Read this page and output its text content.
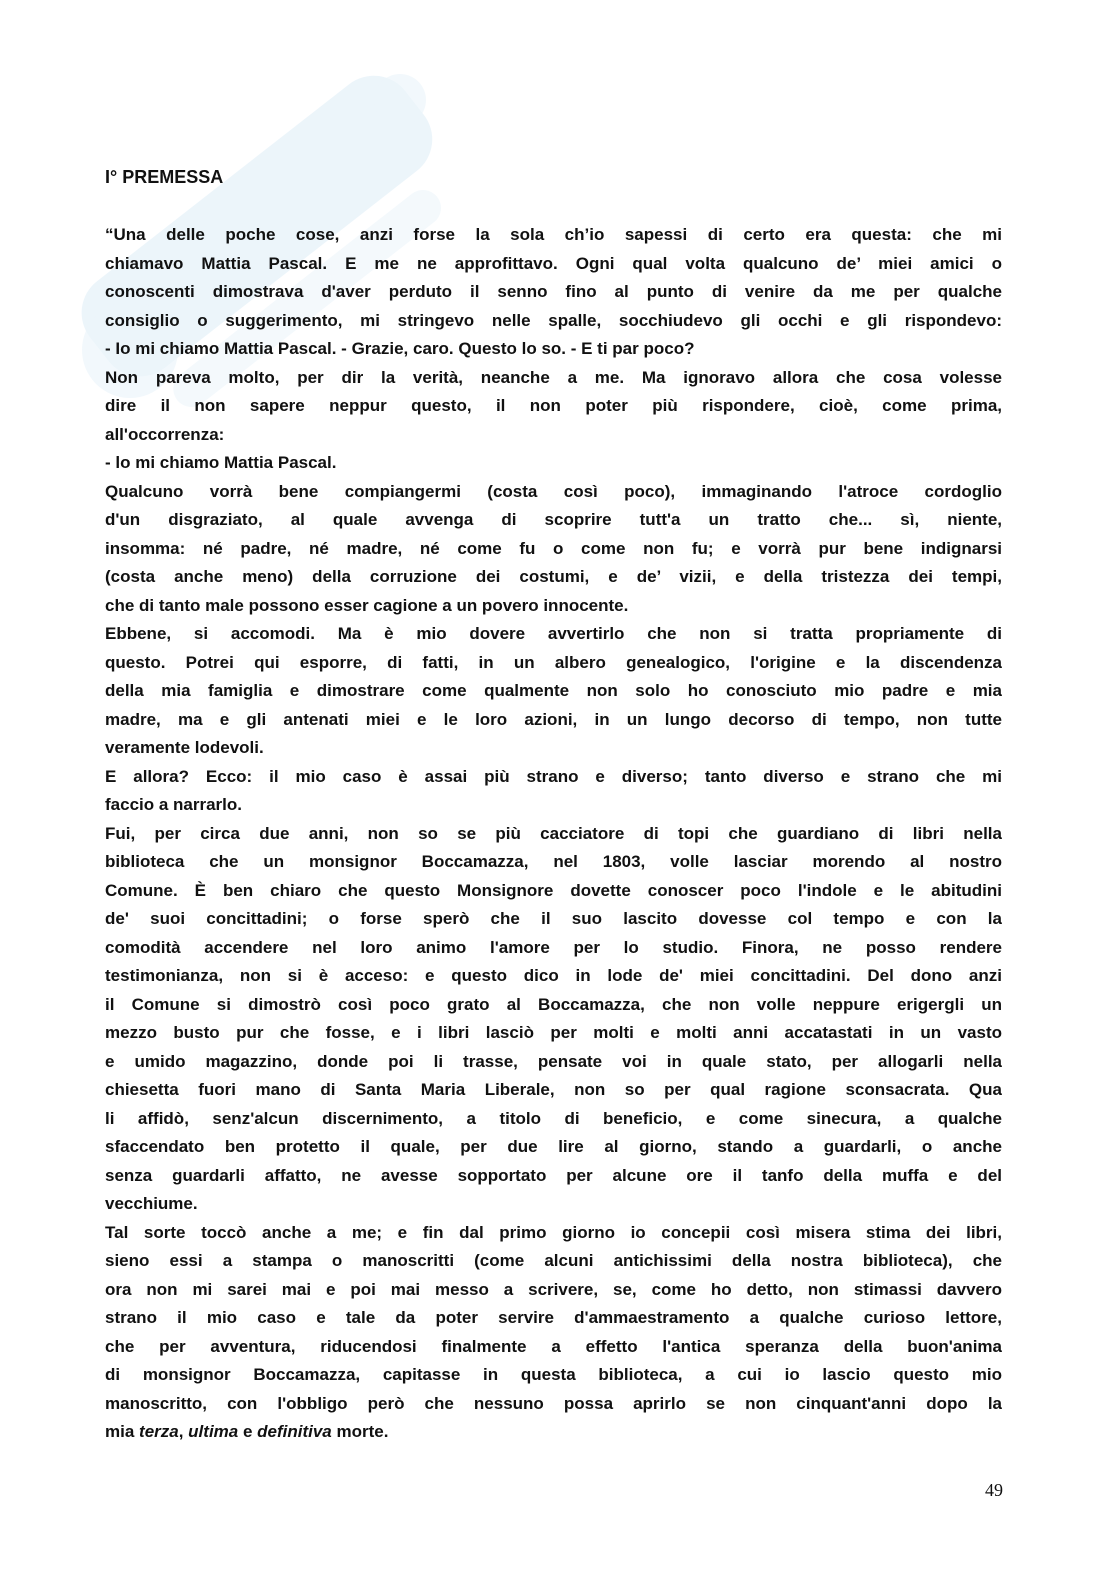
I° PREMESSA
“Una delle poche cose, anzi forse la sola ch’io sapessi di certo era questa: che mi
chiamavo Mattia Pascal. E me ne approfittavo. Ogni qual volta qualcuno de’ miei amici o
conoscenti dimostrava d'aver perduto il senno fino al punto di venire da me per qualche
consiglio o suggerimento, mi stringevo nelle spalle, socchiudevo gli occhi e gli rispondevo:
- Io mi chiamo Mattia Pascal. - Grazie, caro. Questo lo so. - E ti par poco?
Non pareva molto, per dir la verità, neanche a me. Ma ignoravo allora che cosa volesse
dire il non sapere neppur questo, il non poter più rispondere, cioè, come prima,
all'occorrenza:
- lo mi chiamo Mattia Pascal.
Qualcuno vorrà bene compiangermi (costa così poco), immaginando l'atroce cordoglio
d'un disgraziato, al quale avvenga di scoprire tutt'a un tratto che... sì, niente,
insomma: né padre, né madre, né come fu o come non fu; e vorrà pur bene indignarsi
(costa anche meno) della corruzione dei costumi, e de’ vizii, e della tristezza dei tempi,
che di tanto male possono esser cagione a un povero innocente.
Ebbene, si accomodi. Ma è mio dovere avvertirlo che non si tratta propriamente di
questo. Potrei qui esporre, di fatti, in un albero genealogico, l'origine e la discendenza
della mia famiglia e dimostrare come qualmente non solo ho conosciuto mio padre e mia
madre, ma e gli antenati miei e le loro azioni, in un lungo decorso di tempo, non tutte
veramente lodevoli.
E allora? Ecco: il mio caso è assai più strano e diverso; tanto diverso e strano che mi
faccio a narrarlo.
Fui, per circa due anni, non so se più cacciatore di topi che guardiano di libri nella
biblioteca che un monsignor Boccamazza, nel 1803, volle lasciar morendo al nostro
Comune. È ben chiaro che questo Monsignore dovette conoscer poco l'indole e le abitudini
de' suoi concittadini; o forse sperò che il suo lascito dovesse col tempo e con la
comodità accendere nel loro animo l'amore per lo studio. Finora, ne posso rendere
testimonianza, non si è acceso: e questo dico in lode de' miei concittadini. Del dono anzi
il Comune si dimostrò così poco grato al Boccamazza, che non volle neppure erigergli un
mezzo busto pur che fosse, e i libri lasciò per molti e molti anni accatastati in un vasto
e umido magazzino, donde poi li trasse, pensate voi in quale stato, per allogarli nella
chiesetta fuori mano di Santa Maria Liberale, non so per qual ragione sconsacrata. Qua
li affidò, senz'alcun discernimento, a titolo di beneficio, e come sinecura, a qualche
sfaccendato ben protetto il quale, per due lire al giorno, stando a guardarli, o anche
senza guardarli affatto, ne avesse sopportato per alcune ore il tanfo della muffa e del
vecchiume.
Tal sorte toccò anche a me; e fin dal primo giorno io concepii così misera stima dei libri,
sieno essi a stampa o manoscritti (come alcuni antichissimi della nostra biblioteca), che
ora non mi sarei mai e poi mai messo a scrivere, se, come ho detto, non stimassi davvero
strano il mio caso e tale da poter servire d'ammaestramento a qualche curioso lettore,
che per avventura, riducendosi finalmente a effetto l'antica speranza della buon'anima
di monsignor Boccamazza, capitasse in questa biblioteca, a cui io lascio questo mio
manoscritto, con l'obbligo però che nessuno possa aprirlo se non cinquant'anni dopo la
mia terza, ultima e definitiva morte.
49
